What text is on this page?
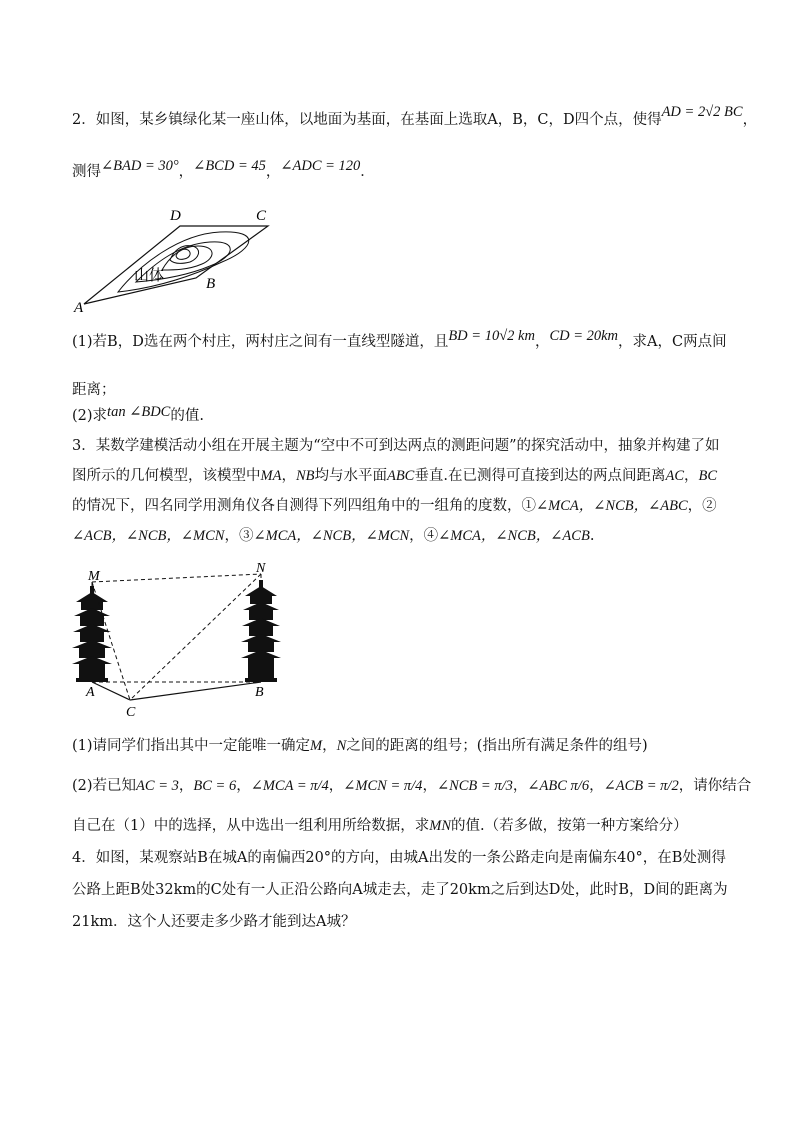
2．如图，某乡镇绿化某一座山体，以地面为基面，在基面上选取A，B，C，D四个点，使得AD = 2√2 BC，
测得∠BAD = 30°，∠BCD = 45，∠ADC = 120．
D	C
A
B
山体
(1)若B，D选在两个村庄，两村庄之间有一直线型隧道，且BD = 10√2 km，CD = 20km，求A，C两点间
距离；
(2)求tan ∠BDC的值.
3．某数学建模活动小组在开展主题为“空中不可到达两点的测距问题”的探究活动中，抽象并构建了如
图所示的几何模型，该模型中MA，NB均与水平面ABC垂直.在已测得可直接到达的两点间距离AC，BC
的情况下，四名同学用测角仪各自测得下列四组角中的一组角的度数，①∠MCA，∠NCB，∠ABC，②
∠ACB，∠NCB，∠MCN，③∠MCA，∠NCB，∠MCN，④∠MCA，∠NCB，∠ACB.
M
N
A	B
C
(1)请同学们指出其中一定能唯一确定M，N之间的距离的组号；(指出所有满足条件的组号)
(2)若已知AC = 3，BC = 6，∠MCA = π/4，∠MCN = π/4，∠NCB = π/3，∠ABC π/6，∠ACB = π/2，请你结合
自己在（1）中的选择，从中选出一组利用所给数据，求MN的值.（若多做，按第一种方案给分）
4．如图，某观察站B在城A的南偏西20°的方向，由城A出发的一条公路走向是南偏东40°，在B处测得
公路上距B处32km的C处有一人正沿公路向A城走去，走了20km之后到达D处，此时B，D间的距离为
21km．这个人还要走多少路才能到达A城？
